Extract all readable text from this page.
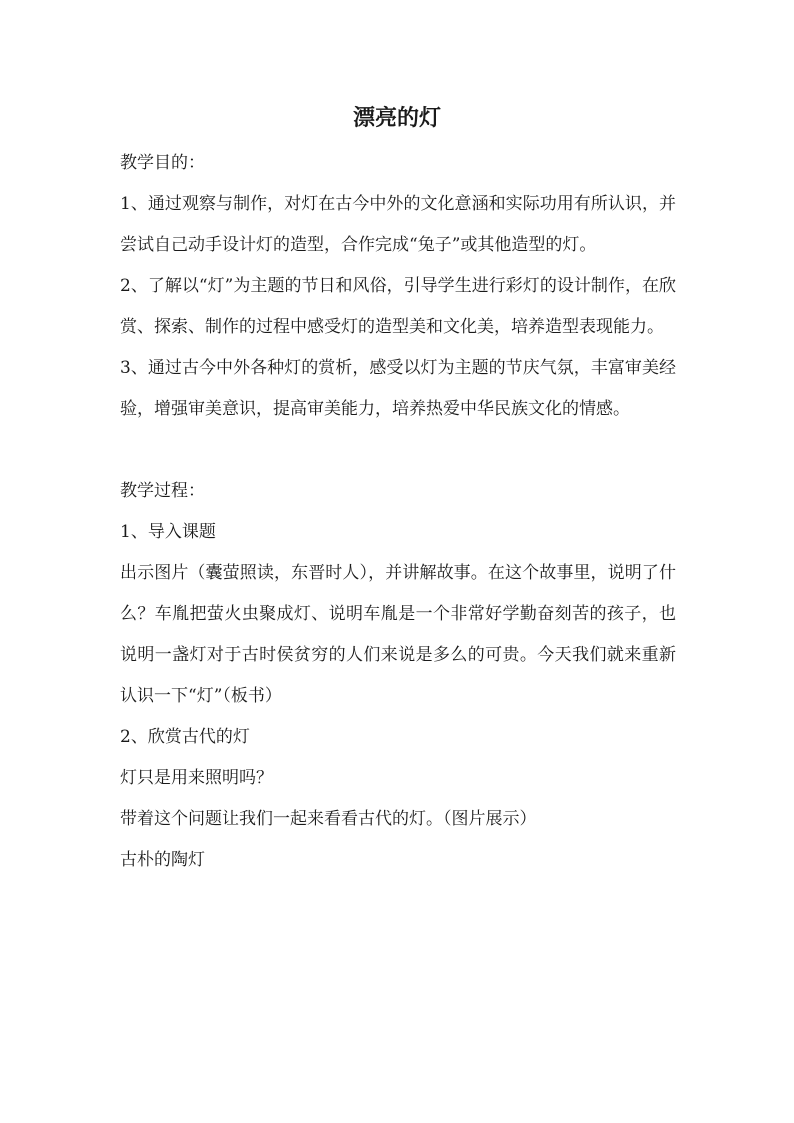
漂亮的灯

教学目的：

1、通过观察与制作，对灯在古今中外的文化意涵和实际功用有所认识，并尝试自己动手设计灯的造型，合作完成“兔子”或其他造型的灯。

2、了解以“灯”为主题的节日和风俗，引导学生进行彩灯的设计制作，在欣赏、探索、制作的过程中感受灯的造型美和文化美，培养造型表现能力。

3、通过古今中外各种灯的赏析，感受以灯为主题的节庆气氛，丰富审美经验，增强审美意识，提高审美能力，培养热爱中华民族文化的情感。

教学过程：

1、导入课题

出示图片（囊萤照读，东晋时人），并讲解故事。在这个故事里，说明了什么？车胤把萤火虫聚成灯、说明车胤是一个非常好学勤奋刻苦的孩子，也说明一盏灯对于古时侯贫穷的人们来说是多么的可贵。今天我们就来重新认识一下“灯”（板书）

2、欣赏古代的灯

灯只是用来照明吗？

带着这个问题让我们一起来看看古代的灯。（图片展示）

古朴的陶灯
